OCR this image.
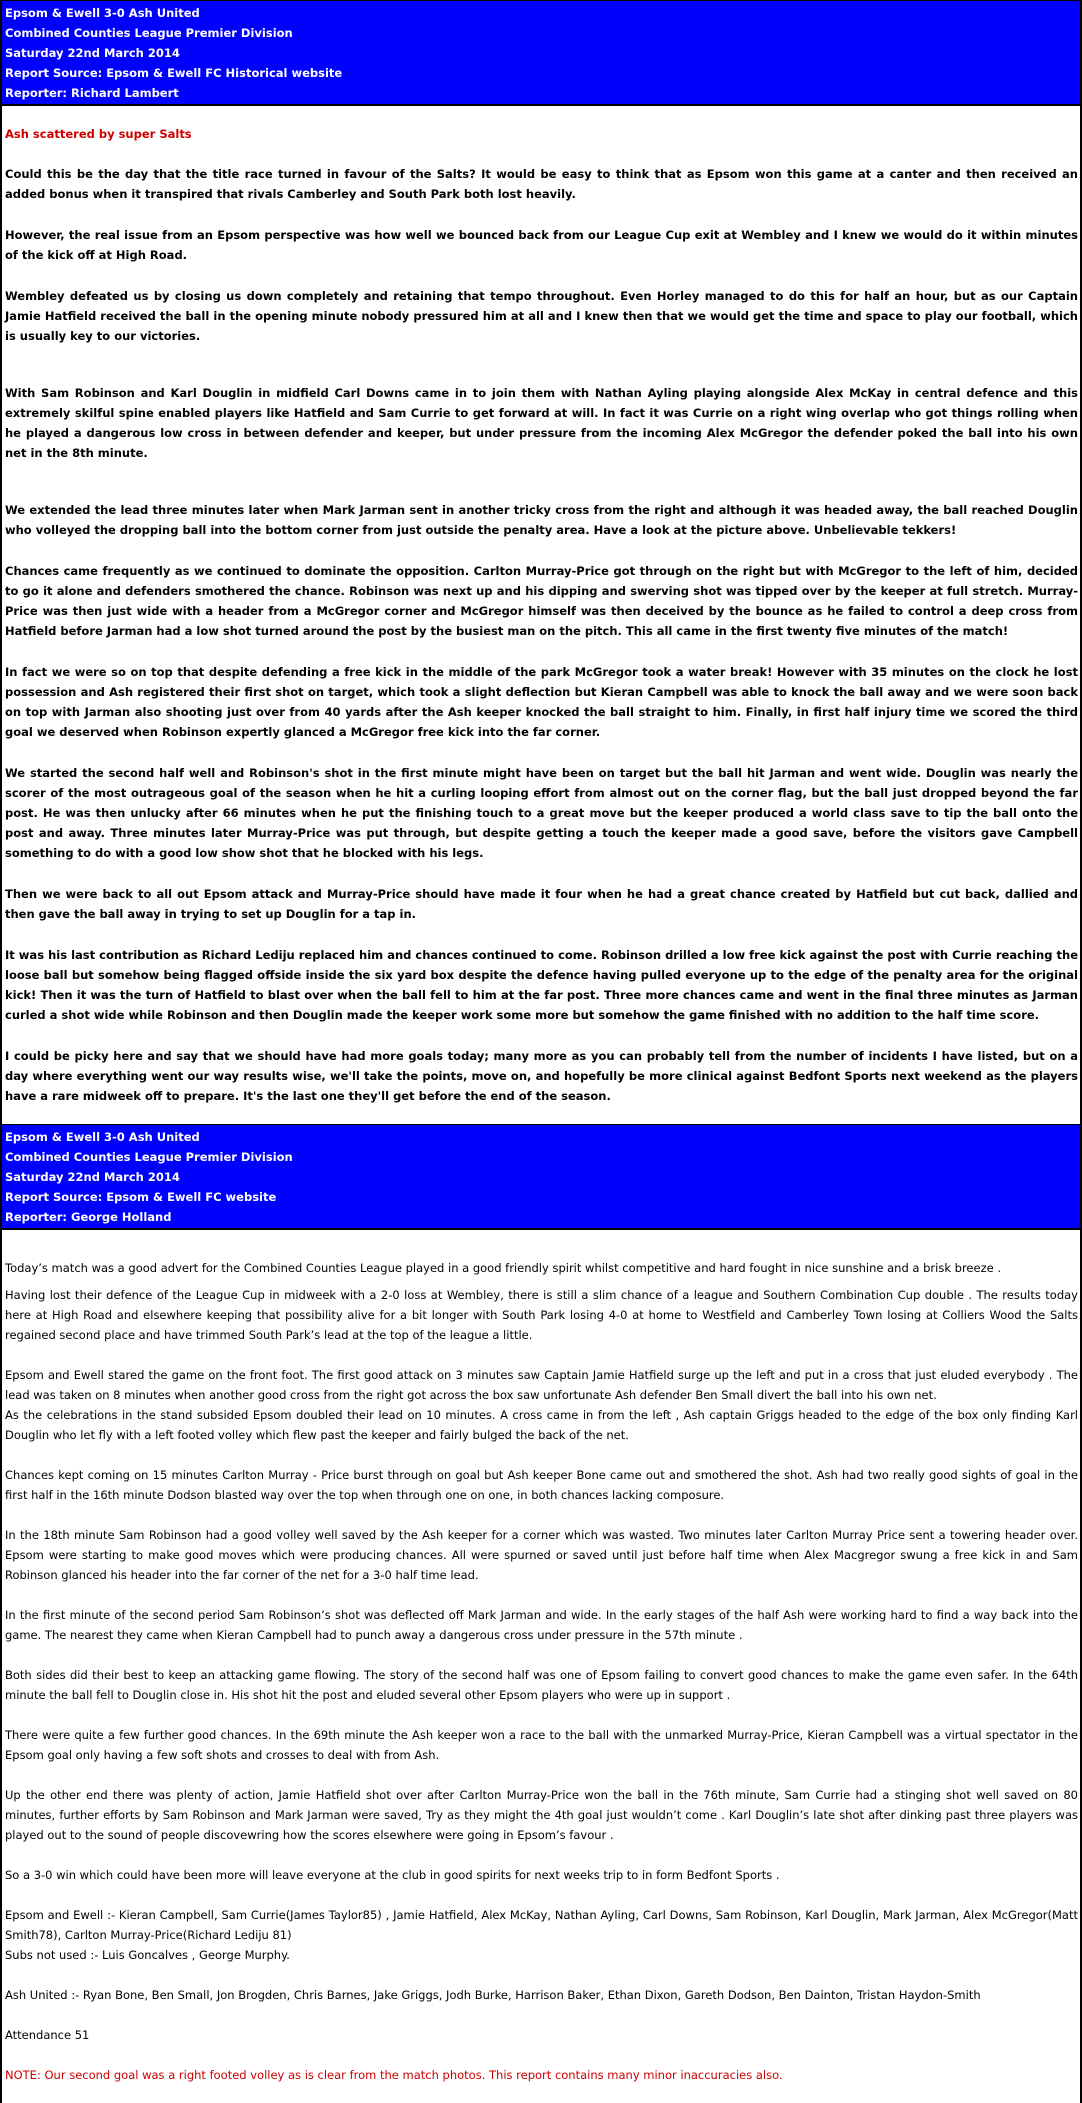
Epsom & Ewell 3-0 Ash United
Combined Counties League Premier Division
Saturday 22nd March 2014
Report Source: Epsom & Ewell FC Historical website
Reporter: Richard Lambert
Ash scattered by super Salts

Could this be the day that the title race turned in favour of the Salts? It would be easy to think that as Epsom won this game at a canter and then received an added bonus when it transpired that rivals Camberley and South Park both lost heavily.

However, the real issue from an Epsom perspective was how well we bounced back from our League Cup exit at Wembley and I knew we would do it within minutes of the kick off at High Road.

Wembley defeated us by closing us down completely and retaining that tempo throughout. Even Horley managed to do this for half an hour, but as our Captain Jamie Hatfield received the ball in the opening minute nobody pressured him at all and I knew then that we would get the time and space to play our football, which is usually key to our victories.

With Sam Robinson and Karl Douglin in midfield Carl Downs came in to join them with Nathan Ayling playing alongside Alex McKay in central defence and this extremely skilful spine enabled players like Hatfield and Sam Currie to get forward at will. In fact it was Currie on a right wing overlap who got things rolling when he played a dangerous low cross in between defender and keeper, but under pressure from the incoming Alex McGregor the defender poked the ball into his own net in the 8th minute.

We extended the lead three minutes later when Mark Jarman sent in another tricky cross from the right and although it was headed away, the ball reached Douglin who volleyed the dropping ball into the bottom corner from just outside the penalty area. Have a look at the picture above. Unbelievable tekkers!

Chances came frequently as we continued to dominate the opposition. Carlton Murray-Price got through on the right but with McGregor to the left of him, decided to go it alone and defenders smothered the chance. Robinson was next up and his dipping and swerving shot was tipped over by the keeper at full stretch. Murray-Price was then just wide with a header from a McGregor corner and McGregor himself was then deceived by the bounce as he failed to control a deep cross from Hatfield before Jarman had a low shot turned around the post by the busiest man on the pitch. This all came in the first twenty five minutes of the match!

In fact we were so on top that despite defending a free kick in the middle of the park McGregor took a water break! However with 35 minutes on the clock he lost possession and Ash registered their first shot on target, which took a slight deflection but Kieran Campbell was able to knock the ball away and we were soon back on top with Jarman also shooting just over from 40 yards after the Ash keeper knocked the ball straight to him. Finally, in first half injury time we scored the third goal we deserved when Robinson expertly glanced a McGregor free kick into the far corner.

We started the second half well and Robinson's shot in the first minute might have been on target but the ball hit Jarman and went wide. Douglin was nearly the scorer of the most outrageous goal of the season when he hit a curling looping effort from almost out on the corner flag, but the ball just dropped beyond the far post. He was then unlucky after 66 minutes when he put the finishing touch to a great move but the keeper produced a world class save to tip the ball onto the post and away. Three minutes later Murray-Price was put through, but despite getting a touch the keeper made a good save, before the visitors gave Campbell something to do with a good low show shot that he blocked with his legs.

Then we were back to all out Epsom attack and Murray-Price should have made it four when he had a great chance created by Hatfield but cut back, dallied and then gave the ball away in trying to set up Douglin for a tap in.

It was his last contribution as Richard Lediju replaced him and chances continued to come. Robinson drilled a low free kick against the post with Currie reaching the loose ball but somehow being flagged offside inside the six yard box despite the defence having pulled everyone up to the edge of the penalty area for the original kick! Then it was the turn of Hatfield to blast over when the ball fell to him at the far post. Three more chances came and went in the final three minutes as Jarman curled a shot wide while Robinson and then Douglin made the keeper work some more but somehow the game finished with no addition to the half time score.

I could be picky here and say that we should have had more goals today; many more as you can probably tell from the number of incidents I have listed, but on a day where everything went our way results wise, we'll take the points, move on, and hopefully be more clinical against Bedfont Sports next weekend as the players have a rare midweek off to prepare. It's the last one they'll get before the end of the season.

Epsom & Ewell 3-0 Ash United
Combined Counties League Premier Division
Saturday 22nd March 2014
Report Source: Epsom & Ewell FC website
Reporter: George Holland

Today’s match was a good advert for the Combined Counties League played in a good friendly spirit whilst competitive and hard fought in nice sunshine and a brisk breeze .

Having lost their defence of the League Cup in midweek with a 2-0 loss at Wembley, there is still a slim chance of a league and Southern Combination Cup double . The results today here at High Road and elsewhere keeping that possibility alive for a bit longer with South Park losing 4-0 at home to Westfield and Camberley Town losing at Colliers Wood the Salts regained second place and have trimmed South Park’s lead at the top of the league a little.

Epsom and Ewell stared the game on the front foot. The first good attack on 3 minutes saw Captain Jamie Hatfield surge up the left and put in a cross that just eluded everybody . The lead was taken on 8 minutes when another good cross from the right got across the box saw unfortunate Ash defender Ben Small divert the ball into his own net.

As the celebrations in the stand subsided Epsom doubled their lead on 10 minutes. A cross came in from the left , Ash captain Griggs headed to the edge of the box only finding Karl Douglin who let fly with a left footed volley which flew past the keeper and fairly bulged the back of the net.

Chances kept coming on 15 minutes Carlton Murray - Price burst through on goal but Ash keeper Bone came out and smothered the shot. Ash had two really good sights of goal in the first half in the 16th minute Dodson blasted way over the top when through one on one, in both chances lacking composure.

In the 18th minute Sam Robinson had a good volley well saved by the Ash keeper for a corner which was wasted. Two minutes later Carlton Murray Price sent a towering header over. Epsom were starting to make good moves which were producing chances. All were spurned or saved until just before half time when Alex Macgregor swung a free kick in and Sam Robinson glanced his header into the far corner of the net for a 3-0 half time lead.

In the first minute of the second period Sam Robinson’s shot was deflected off Mark Jarman and wide. In the early stages of the half Ash were working hard to find a way back into the game. The nearest they came when Kieran Campbell had to punch away a dangerous cross under pressure in the 57th minute .

Both sides did their best to keep an attacking game flowing. The story of the second half was one of Epsom failing to convert good chances to make the game even safer. In the 64th minute the ball fell to Douglin close in. His shot hit the post and eluded several other Epsom players who were up in support .

There were quite a few further good chances. In the 69th minute the Ash keeper won a race to the ball with the unmarked Murray-Price, Kieran Campbell was a virtual spectator in the Epsom goal only having a few soft shots and crosses to deal with from Ash.

Up the other end there was plenty of action, Jamie Hatfield shot over after Carlton Murray-Price won the ball in the 76th minute, Sam Currie had a stinging shot well saved on 80 minutes, further efforts by Sam Robinson and Mark Jarman were saved, Try as they might the 4th goal just wouldn’t come . Karl Douglin’s late shot after dinking past three players was played out to the sound of people discovewring how the scores elsewhere were going in Epsom’s favour .

So a 3-0 win which could have been more will leave everyone at the club in good spirits for next weeks trip to in form Bedfont Sports .

Epsom and Ewell :- Kieran Campbell, Sam Currie(James Taylor85) , Jamie Hatfield, Alex McKay, Nathan Ayling, Carl Downs, Sam Robinson, Karl Douglin, Mark Jarman, Alex McGregor(Matt Smith78), Carlton Murray-Price(Richard Lediju 81)

Subs not used :- Luis Goncalves , George Murphy.

Ash United :- Ryan Bone, Ben Small, Jon Brogden, Chris Barnes, Jake Griggs, Jodh Burke, Harrison Baker, Ethan Dixon, Gareth Dodson, Ben Dainton, Tristan Haydon-Smith

Attendance 51

NOTE: Our second goal was a right footed volley as is clear from the match photos. This report contains many minor inaccuracies also.
